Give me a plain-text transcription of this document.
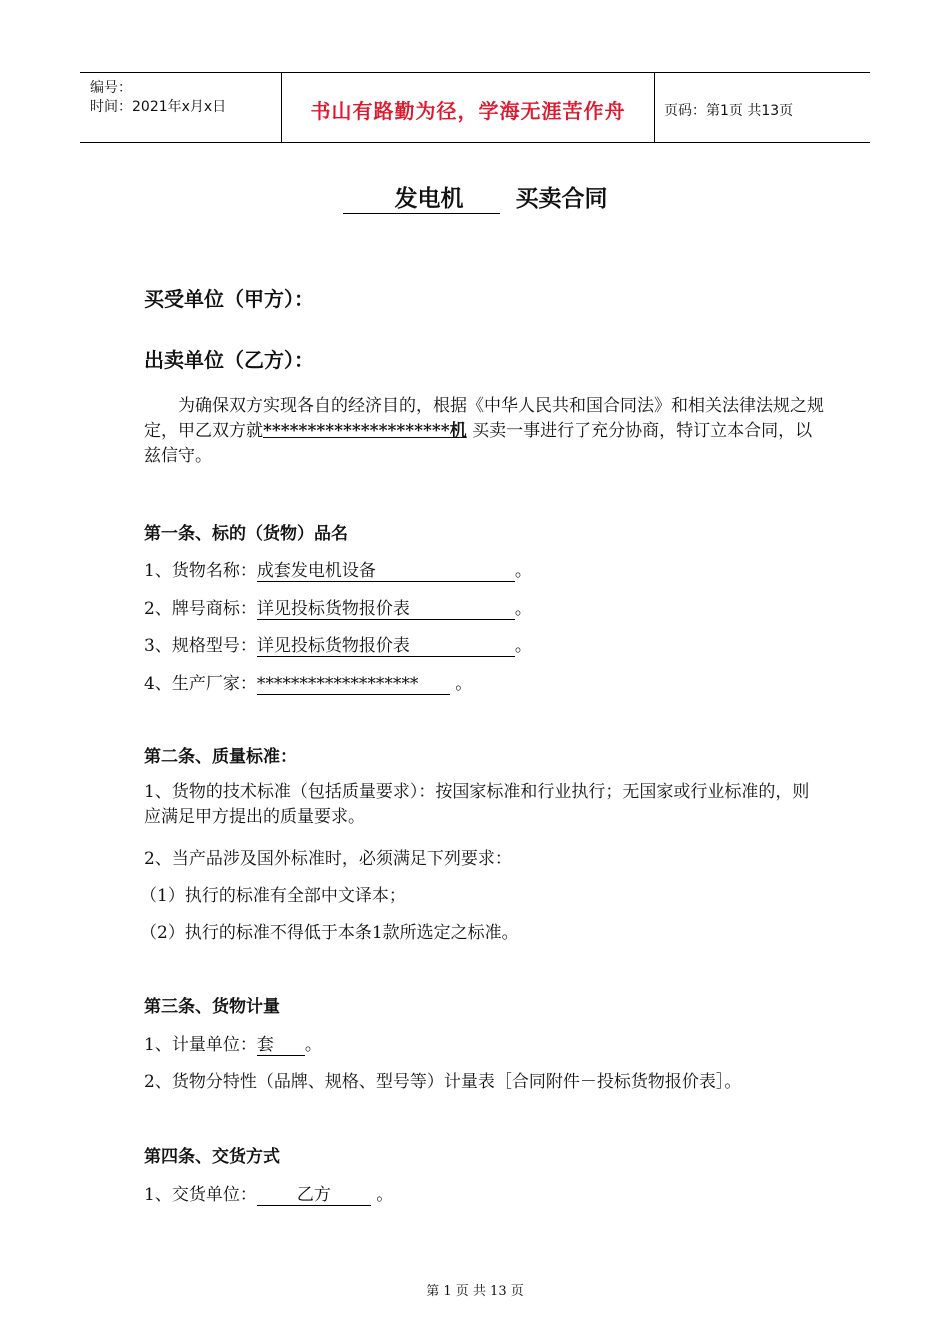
编号：
时间：2021年x月x日	书山有路勤为径，学海无涯苦作舟	页码：第1页 共13页
发电机 买卖合同
买受单位（甲方）：
出卖单位（乙方）：
为确保双方实现各自的经济目的，根据《中华人民共和国合同法》和相关法律法规之规定，甲乙双方就*********************机 买卖一事进行了充分协商，特订立本合同，以兹信守。
第一条、标的（货物）品名
1、货物名称：成套发电机设备	。
2、牌号商标：详见投标货物报价表	。
3、规格型号：详见投标货物报价表	。
4、生产厂家：******************* 。
第二条、质量标准：
1、货物的技术标准（包括质量要求）：按国家标准和行业执行；无国家或行业标准的，则应满足甲方提出的质量要求。
2、当产品涉及国外标准时，必须满足下列要求：
（1）执行的标准有全部中文译本；
（2）执行的标准不得低于本条1款所选定之标准。
第三条、货物计量
1、计量单位：套 。
2、货物分特性（品牌、规格、型号等）计量表［合同附件－投标货物报价表］。
第四条、交货方式
1、交货单位： 乙方	。
第 1 页 共 13 页
